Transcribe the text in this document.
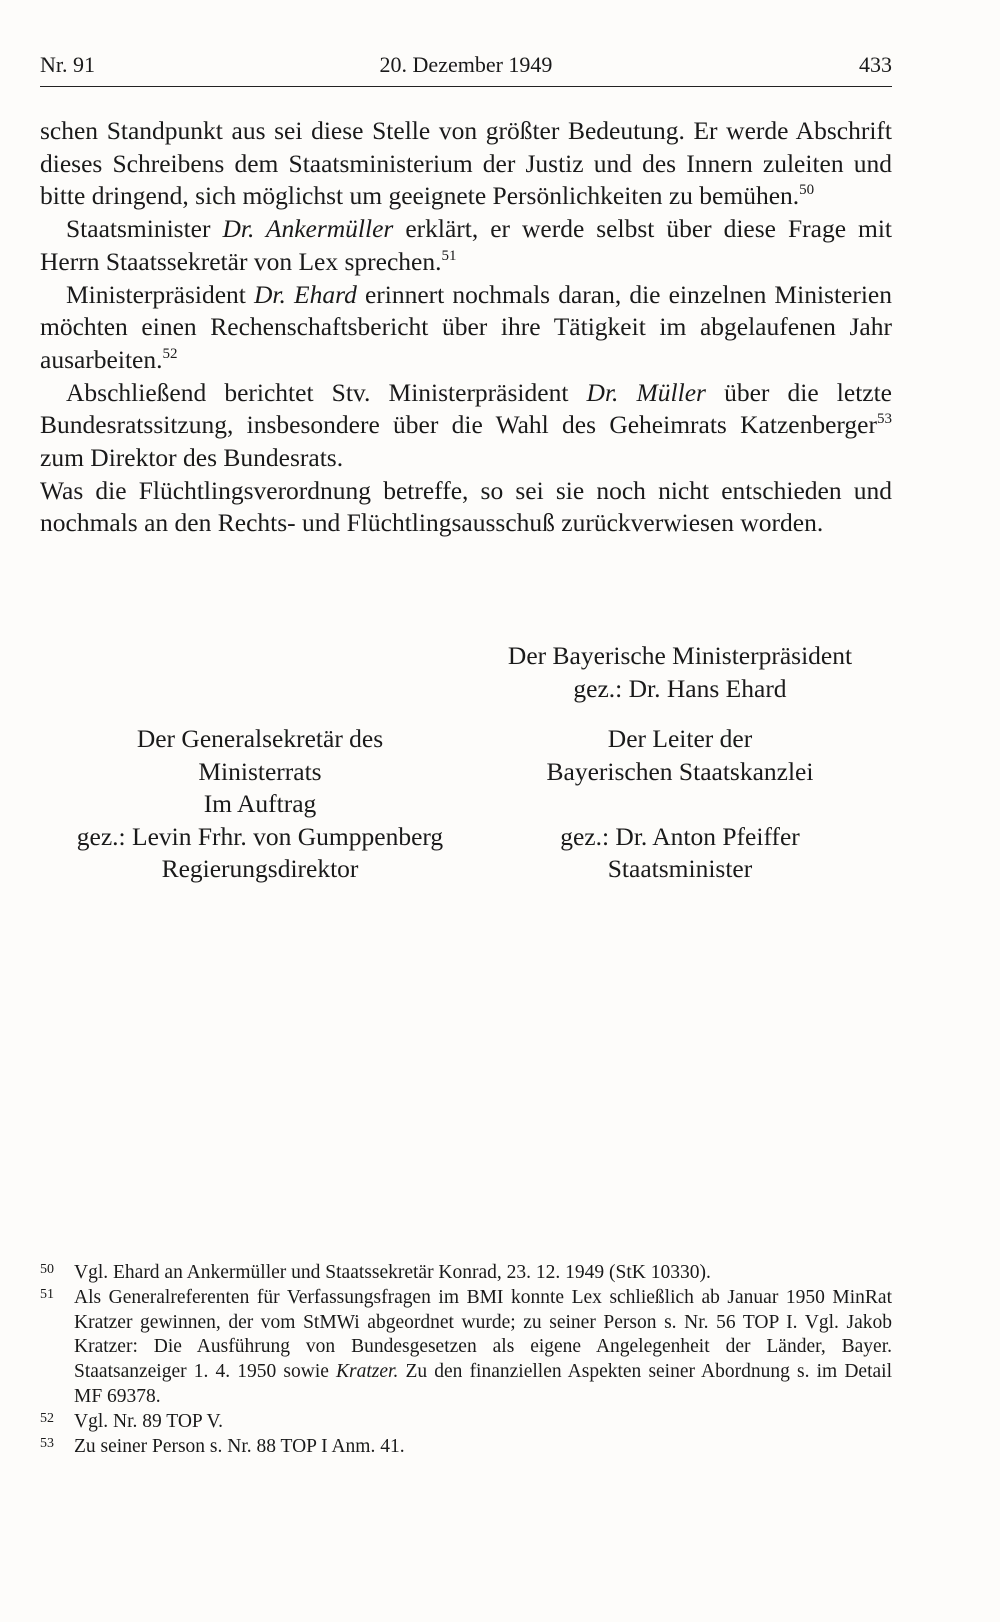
Nr. 91	20. Dezember 1949	433

schen Standpunkt aus sei diese Stelle von größter Bedeutung. Er werde Abschrift dieses Schreibens dem Staatsministerium der Justiz und des Innern zuleiten und bitte dringend, sich möglichst um geeignete Persönlichkeiten zu bemühen.$^{50}$

Staatsminister Dr. Ankermüller erklärt, er werde selbst über diese Frage mit Herrn Staatssekretär von Lex sprechen.$^{51}$

Ministerpräsident Dr. Ehard erinnert nochmals daran, die einzelnen Ministerien möchten einen Rechenschaftsbericht über ihre Tätigkeit im abgelaufenen Jahr ausarbeiten.$^{52}$

Abschließend berichtet Stv. Ministerpräsident Dr. Müller über die letzte Bundesratssitzung, insbesondere über die Wahl des Geheimrats Katzenberger$^{53}$ zum Direktor des Bundesrats.

Was die Flüchtlingsverordnung betreffe, so sei sie noch nicht entschieden und nochmals an den Rechts- und Flüchtlingsausschuß zurückverwiesen worden.

Der Bayerische Ministerpräsident
gez.: Dr. Hans Ehard
Der Generalsekretär des
Ministerrats
Im Auftrag
gez.: Levin Frhr. von Gumppenberg
Regierungsdirektor
Der Leiter der
Bayerischen Staatskanzlei
gez.: Dr. Anton Pfeiffer
Staatsminister
50 Vgl. Ehard an Ankermüller und Staatssekretär Konrad, 23. 12. 1949 (StK 10330).
51 Als Generalreferenten für Verfassungsfragen im BMI konnte Lex schließlich ab Januar 1950 MinRat Kratzer gewinnen, der vom StMWi abgeordnet wurde; zu seiner Person s. Nr. 56 TOP I. Vgl. Jakob Kratzer: Die Ausführung von Bundesgesetzen als eigene Angelegenheit der Länder, Bayer. Staatsanzeiger 1. 4. 1950 sowie Kratzer. Zu den finanziellen Aspekten seiner Abordnung s. im Detail MF 69378.
52 Vgl. Nr. 89 TOP V.
53 Zu seiner Person s. Nr. 88 TOP I Anm. 41.
